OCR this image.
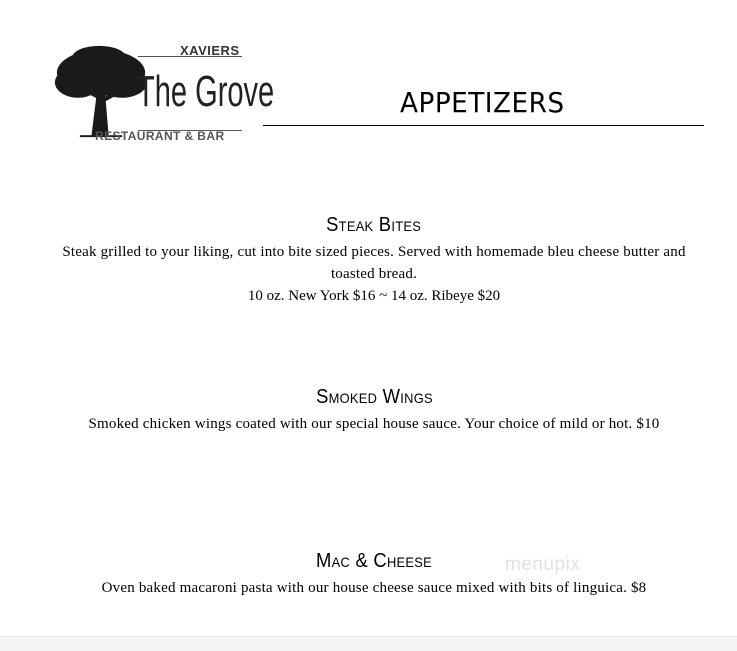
XAVIERS
The Grove
RESTAURANT & BAR
APPETIZERS
Steak Bites
Steak grilled to your liking, cut into bite sized pieces. Served with homemade bleu cheese butter and toasted bread.
10 oz. New York $16 ~ 14 oz. Ribeye $20
Smoked Wings
Smoked chicken wings coated with our special house sauce. Your choice of mild or hot. $10
Mac & Cheese
Oven baked macaroni pasta with our house cheese sauce mixed with bits of linguica. $8
menupix
